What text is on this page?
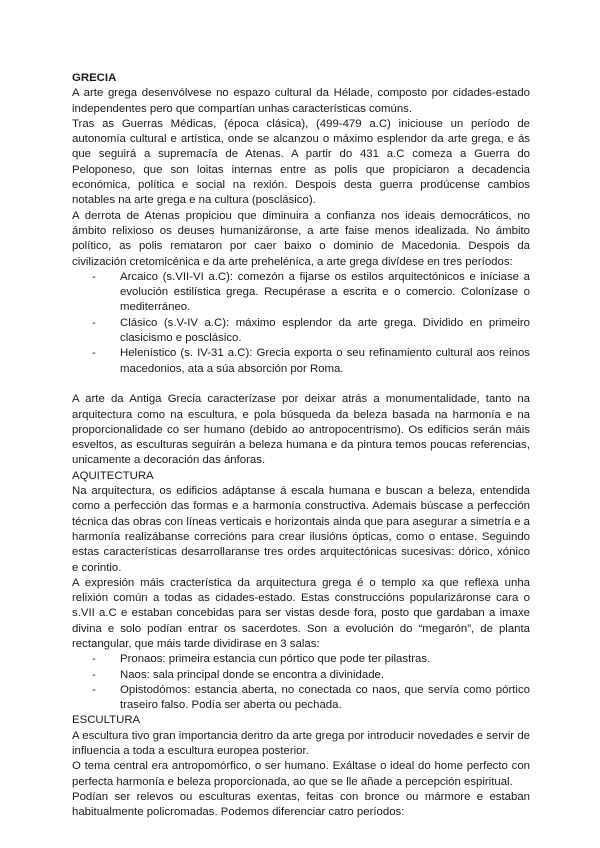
GRECIA

A arte grega desenvólvese no espazo cultural da Hélade, composto por cidades-estado independentes pero que compartían unhas características comúns.

Tras as Guerras Médicas, (época clásica), (499-479 a.C) iniciouse un período de autonomía cultural e artística, onde se alcanzou o máximo esplendor da arte grega, e ás que seguirá a supremacía de Atenas. A partir do 431 a.C comeza a Guerra do Peloponeso, que son loitas internas entre as polis que propiciaron a decadencia económica, política e social na rexión. Despois desta guerra prodúcense cambios notables na arte grega e na cultura (posclásico).

A derrota de Atenas propiciou que diminuira a confianza nos ideais democráticos, no ámbito relixioso os deuses humanizáronse, a arte faise menos idealizada. No ámbito político, as polis remataron por caer baixo o dominio de Macedonia. Despois da civilización cretomicénica e da arte preheléníca, a arte grega divídese en tres períodos:

- Arcaico (s.VII-VI a.C): comezón a fijarse os estilos arquitectónicos e iníciase a evolución estilística grega. Recupérase a escrita e o comercio. Colonízase o mediterráneo.
- Clásico (s.V-IV a.C): máximo esplendor da arte grega. Dividido en primeiro clasicismo e posclásico.
- Helenístico (s. IV-31 a.C): Grecia exporta o seu refinamiento cultural aos reinos macedonios, ata a súa absorción por Roma.

A arte da Antiga Grecia caracterízase por deixar atrás a monumentalidade, tanto na arquitectura como na escultura, e pola búsqueda da beleza basada na harmonía e na proporcionalidade co ser humano (debido ao antropocentrismo). Os edificios serán máis esveltos, as esculturas seguirán a beleza humana e da pintura temos poucas referencias, unicamente a decoración das ánforas.

AQUITECTURA

Na arquitectura, os edificios adáptanse á escala humana e buscan a beleza, entendida como a perfección das formas e a harmonía constructiva. Ademais búscase a perfección técnica das obras con líneas verticais e horizontais ainda que para asegurar a simetría e a harmonía realizábanse correcións para crear ilusións ópticas, como o entase. Seguindo estas características desarrollaranse tres ordes arquitectónicas sucesivas: dórico, xónico e corintio.

A expresión máis cracterística da arquitectura grega é o templo xa que reflexa unha relixión común a todas as cidades-estado. Estas construccións popularizáronse cara o s.VII a.C e estaban concebidas para ser vistas desde fora, posto que gardaban a imaxe divina e solo podían entrar os sacerdotes. Son a evolución do “megarón”, de planta rectangular, que máis tarde dividirase en 3 salas:

- Pronaos: primeira estancia cun pórtico que pode ter pilastras.
- Naos: sala principal donde se encontra a divinidade.
- Opistodómos: estancia aberta, no conectada co naos, que servía como pórtico traseiro falso. Podía ser aberta ou pechada.

ESCULTURA

A escultura tivo gran importancia dentro da arte grega por introducir novedades e servir de influencia a toda a escultura europea posterior.

O tema central era antropomórfico, o ser humano. Exáltase o ideal do home perfecto con perfecta harmonía e beleza proporcionada, ao que se lle añade a percepción espiritual.

Podían ser relevos ou esculturas exentas, feitas con bronce ou mármore e estaban habitualmente policromadas. Podemos diferenciar catro períodos:
